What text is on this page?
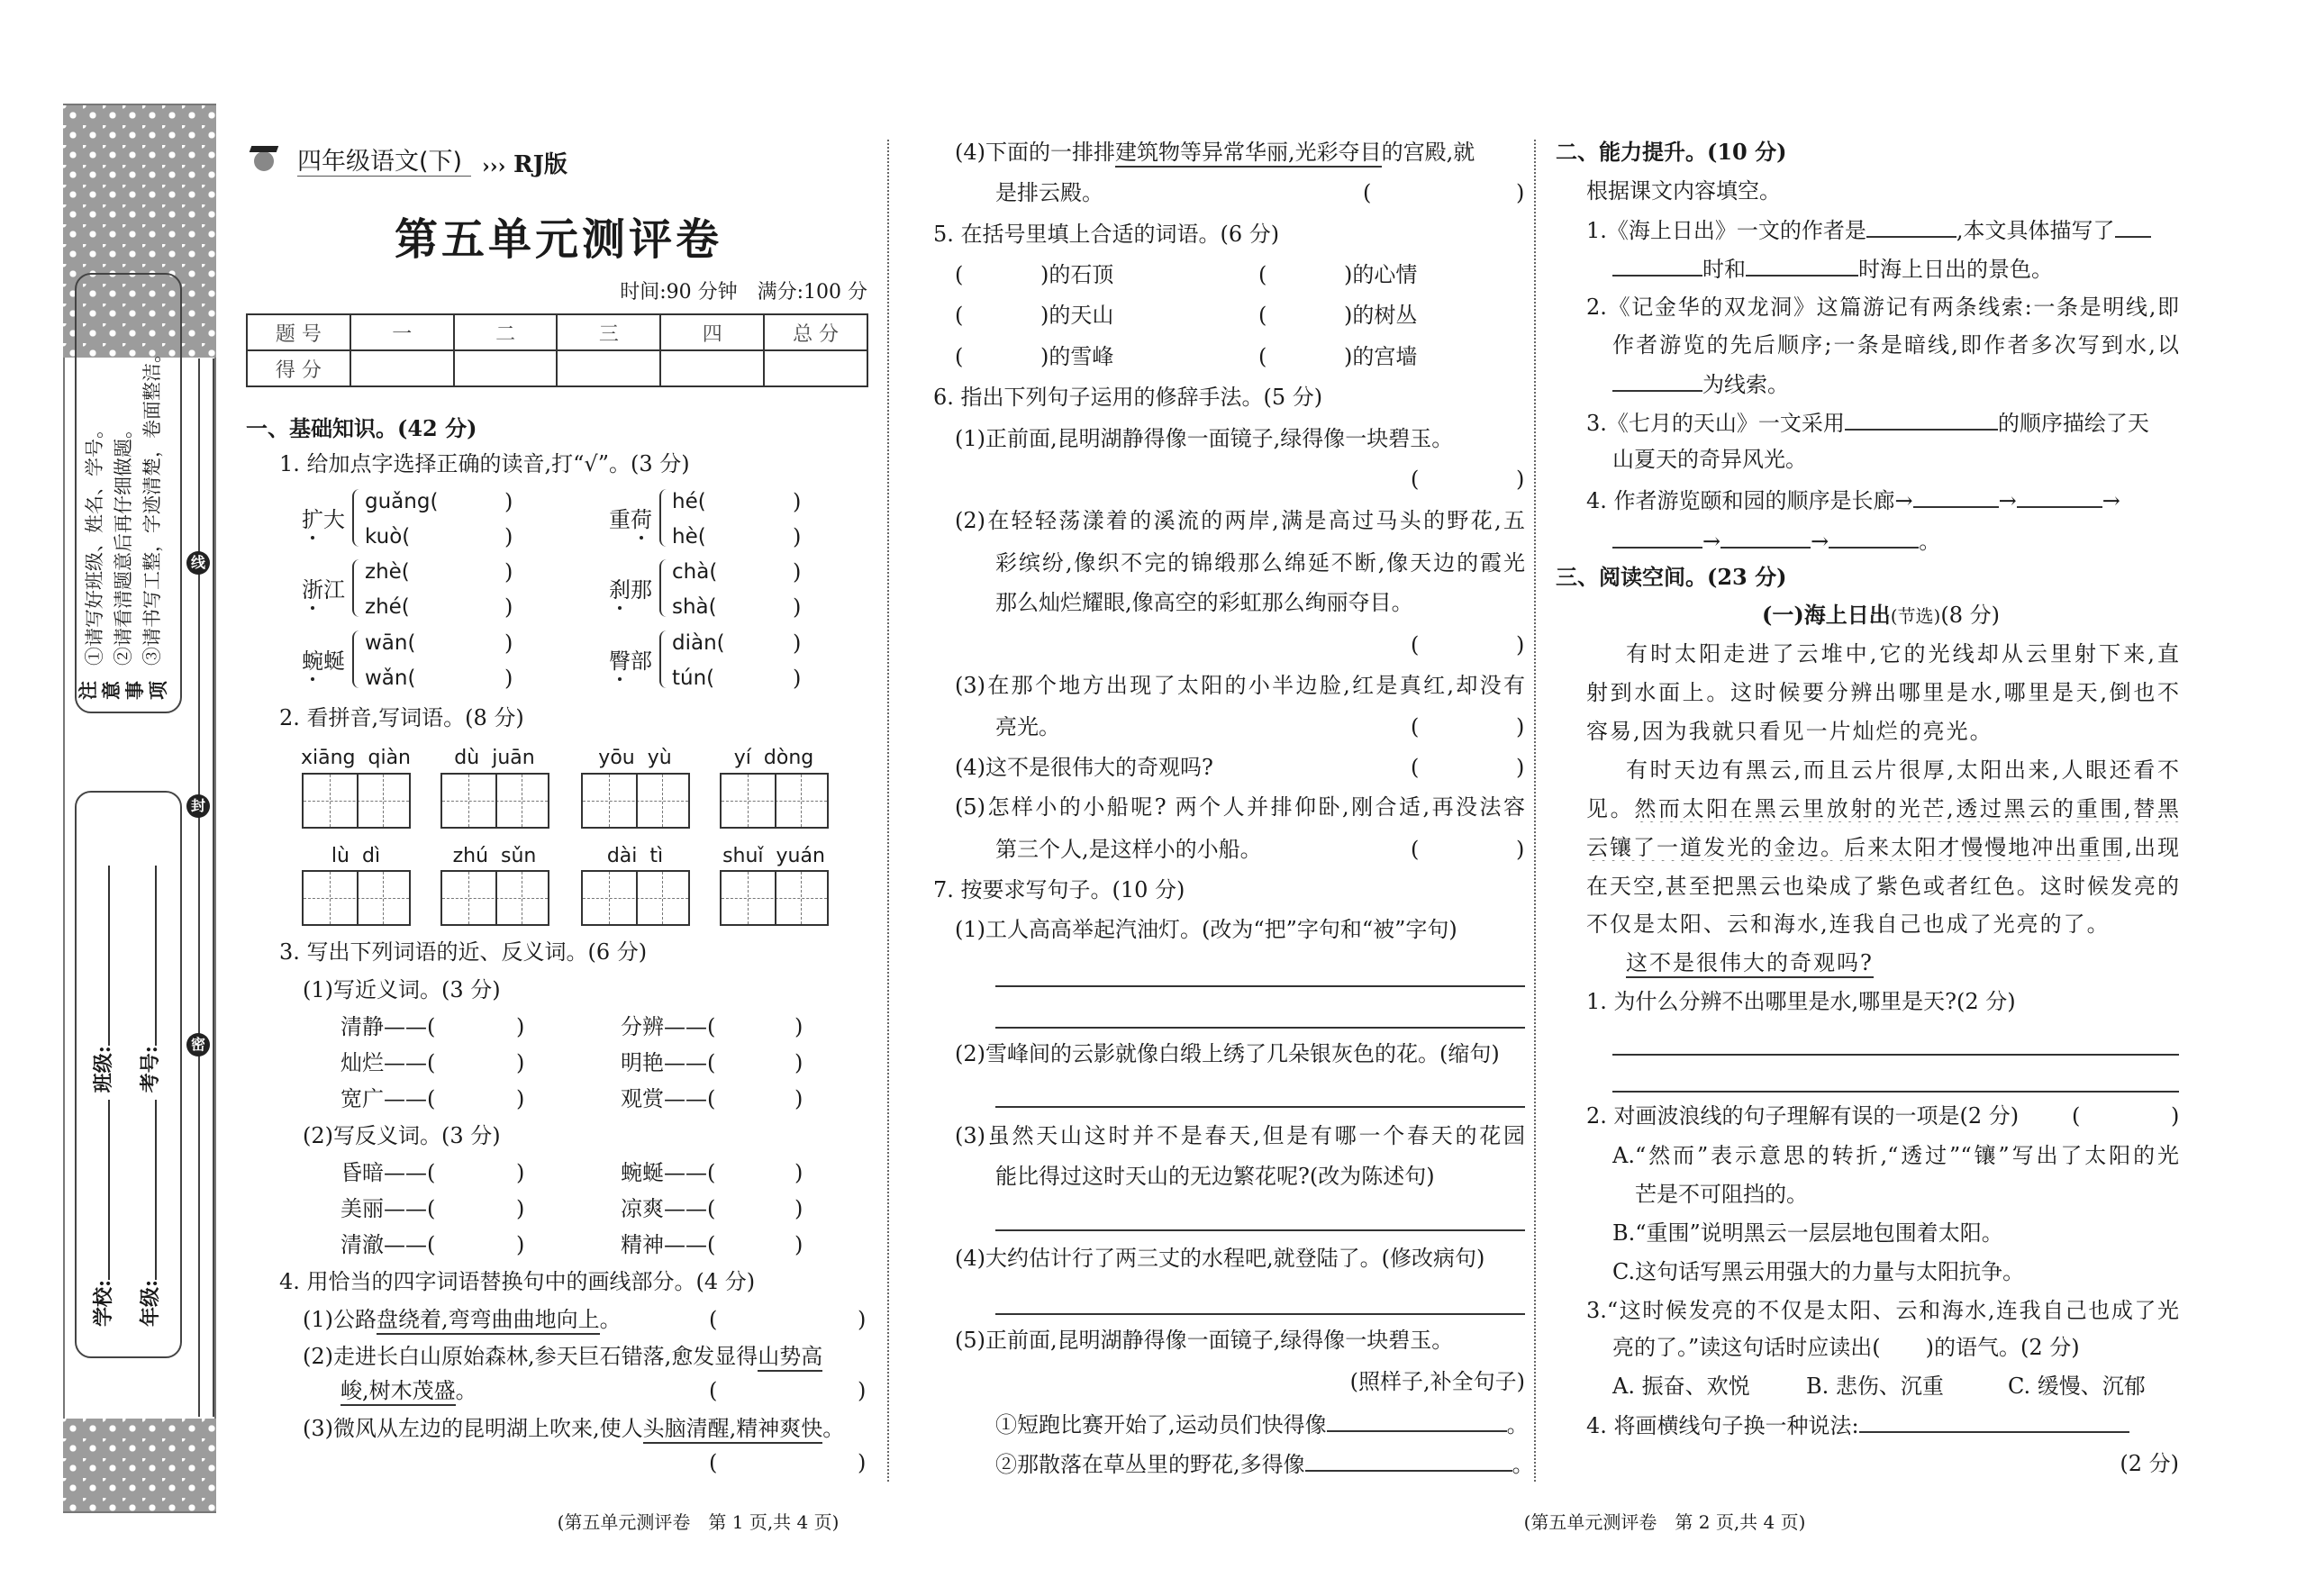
注意事项
①请写好班级、姓名、学号。 ②请看清题意后再仔细做题。 ③请书写工整，字迹清楚，卷面整洁。
学校: 班级:
年级: 考号:
线
封
密
四年级语文(下) ››› RJ版
第五单元测评卷
时间:90 分钟　满分:100 分
题 号	一	二	三	四	总 分
得 分					
一、基础知识。(42 分)
1. 给加点字选择正确的读音,打“√”。(3 分)
2. 看拼音,写词语。(8 分)
3. 写出下列词语的近、反义词。(6 分)
(1)写近义词。(3 分)
(2)写反义词。(3 分)
4. 用恰当的四字词语替换句中的画线部分。(4 分)
(1)公路盘绕着,弯弯曲曲地向上。	(	)
(2)走进长白山原始森林,参天巨石错落,愈发显得山势高
峻,树木茂盛。	(	)
(3)微风从左边的昆明湖上吹来,使人头脑清醒,精神爽快。
(	)
(第五单元测评卷　第 1 页,共 4 页)
(4)下面的一排排建筑物等异常华丽,光彩夺目的宫殿,就
是排云殿。	(	)
5. 在括号里填上合适的词语。(6 分)
6. 指出下列句子运用的修辞手法。(5 分)
(1)正前面,昆明湖静得像一面镜子,绿得像一块碧玉。
(2)在轻轻荡漾着的溪流的两岸,满是高过马头的野花,五
彩缤纷,像织不完的锦缎那么绵延不断,像天边的霞光
那么灿烂耀眼,像高空的彩虹那么绚丽夺目。
(3)在那个地方出现了太阳的小半边脸,红是真红,却没有
亮光。
(4)这不是很伟大的奇观吗?
(5)怎样小的小船呢? 两个人并排仰卧,刚合适,再没法容
第三个人,是这样小的小船。
7. 按要求写句子。(10 分)
(1)工人高高举起汽油灯。(改为“把”字句和“被”字句)
(2)雪峰间的云影就像白缎上绣了几朵银灰色的花。(缩句)
(3)虽然天山这时并不是春天,但是有哪一个春天的花园
能比得过这时天山的无边繁花呢?(改为陈述句)
(4)大约估计行了两三丈的水程吧,就登陆了。(修改病句)
(5)正前面,昆明湖静得像一面镜子,绿得像一块碧玉。
(照样子,补全句子)
①短跑比赛开始了,运动员们快得像	。
②那散落在草丛里的野花,多得像	。
二、能力提升。(10 分)
根据课文内容填空。
1.《海上日出》一文的作者是	,本文具体描写了
时和	时海上日出的景色。
2.《记金华的双龙洞》这篇游记有两条线索:一条是明线,即
作者游览的先后顺序;一条是暗线,即作者多次写到水,以
为线索。
3.《七月的天山》一文采用	的顺序描绘了天
山夏天的奇异风光。
4. 作者游览颐和园的顺序是长廊→	→	→
→	→	。
三、阅读空间。(23 分)
(一)海上日出(节选)(8 分)
有时太阳走进了云堆中,它的光线却从云里射下来,直
射到水面上。这时候要分辨出哪里是水,哪里是天,倒也不
容易,因为我就只看见一片灿烂的亮光。
有时天边有黑云,而且云片很厚,太阳出来,人眼还看不
见。然而太阳在黑云里放射的光芒,透过黑云的重围,替黑
云镶了一道发光的金边。后来太阳才慢慢地冲出重围,出现
在天空,甚至把黑云也染成了紫色或者红色。这时候发亮的
不仅是太阳、云和海水,连我自己也成了光亮的了。
这不是很伟大的奇观吗?
1. 为什么分辨不出哪里是水,哪里是天?(2 分)
2. 对画波浪线的句子理解有误的一项是(2 分) (	)
A.“然而”表示意思的转折,“透过”“镶”写出了太阳的光
芒是不可阻挡的。
B.“重围”说明黑云一层层地包围着太阳。
C.这句话写黑云用强大的力量与太阳抗争。
3.“这时候发亮的不仅是太阳、云和海水,连我自己也成了光
亮的了。”读这句话时应读出( )的语气。(2 分)
A. 振奋、欢悦	B. 悲伤、沉重	C. 缓慢、沉郁
4. 将画横线句子换一种说法:
(2 分)
(第五单元测评卷　第 2 页,共 4 页)
扩大
guǎng(	)
kuò(	)
重荷
hé(	)
hè(	)
浙江
zhè(	)
zhé(	)
刹那
chà(	)
shà(	)
蜿蜒
wān(	)
wǎn(	)
臀部
diàn(	)
tún(	)
xiāng qiàn dù juān	yōu yù	yí dòng
lù dì	zhú sǔn	dài tì	shuǐ yuán
清静——(	)	分辨——(	)
灿烂——(	)	明艳——(	)
宽广——(	)	观赏——(	)
昏暗——(	)	蜿蜒——(	)
美丽——(	)	凉爽——(	)
清澈——(	)	精神——(	)
(	)的石顶	(	)的心情
(	)的天山	(	)的树丛
(	)的雪峰	(	)的宫墙
(	)
(	)
(	)
(	)
(	)
